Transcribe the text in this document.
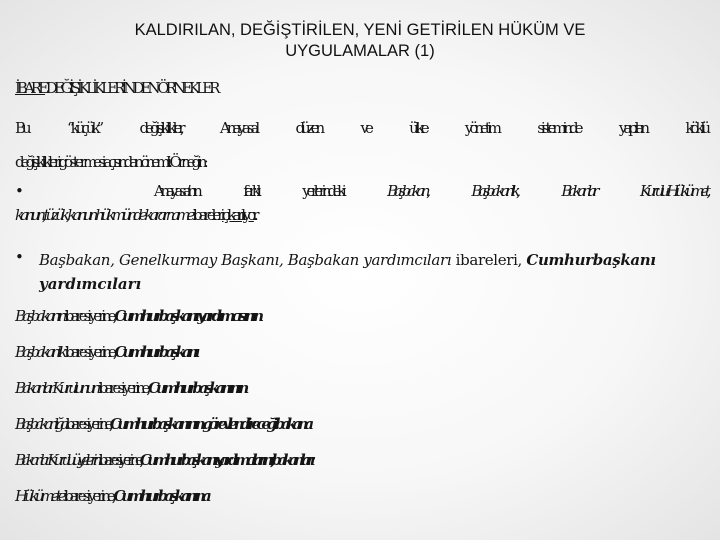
KALDIRILAN, DEĞİŞTİRİLEN, YENİ GETİRİLEN HÜKÜM VE
UYGULAMALAR (1)

İBARE DEĞİŞİKLİKLERİNDEN ÖRNEKLER

Bu “küçük” değişiklikler, Anayasal düzen ve ülke yönetim sisteminde yapılan köklü

değişiklikleri göstermesi açısından önemli. Örneğin:

•	Anayasa’nın farklı yerlerindeki Başbakan, Başbakanlık, Bakanlar Kurulu-Hükümet,

kanun, tüzük, kanun hükmünde kararname ibareleri çıkarılıyor.

•	Başbakan, Genelkurmay Başkanı, Başbakan yardımcıları ibareleri, Cumhurbaşkanı
yardımcıları

Başbakanın ibaresi yerine, Cumhurbaşkanı yardımcısının

Başbakanlık ibaresi yerine, Cumhurbaşkanı

Bakanlar Kurulunun ibaresi yerine, Cumhurbaşkanının

Başbakanlığa ibaresi yerine, Cumhurbaşkanının görevlendireceği bakana

Bakanlar Kurulu üyelerini ibaresi yerine, Cumhurbaşkanı yardımcılarını, bakanları

Hükümete ibaresi yerine, Cumhurbaşkanına
